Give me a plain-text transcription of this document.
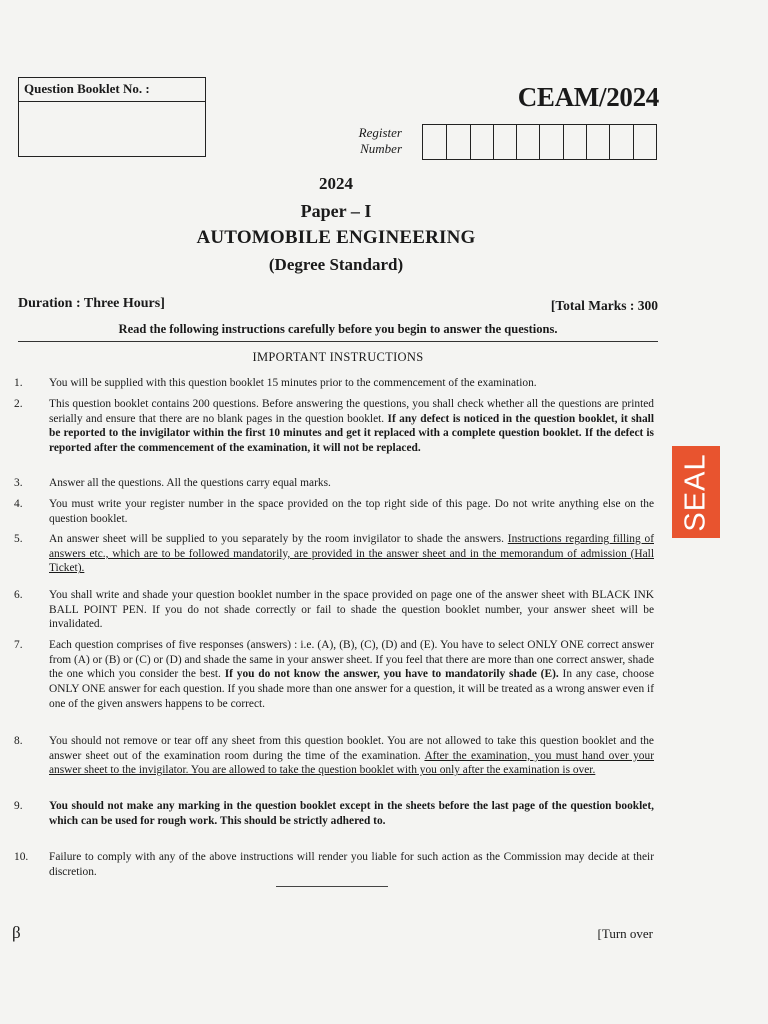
Question Booklet No. :	CEAM/2024
Register
Number
2024
Paper – I
AUTOMOBILE ENGINEERING
(Degree Standard)
Duration : Three Hours]	[Total Marks : 300
Read the following instructions carefully before you begin to answer the questions.
IMPORTANT INSTRUCTIONS
1.	You will be supplied with this question booklet 15 minutes prior to the commencement of the examination.
2.	This question booklet contains 200 questions. Before answering the questions, you shall check whether all the questions are printed serially and ensure that there are no blank pages in the question booklet. If any defect is noticed in the question booklet, it shall be reported to the invigilator within the first 10 minutes and get it replaced with a complete question booklet. If the defect is reported after the commencement of the examination, it will not be replaced.
3.	Answer all the questions. All the questions carry equal marks.
4.	You must write your register number in the space provided on the top right side of this page. Do not write anything else on the question booklet.
5.	An answer sheet will be supplied to you separately by the room invigilator to shade the answers. Instructions regarding filling of answers etc., which are to be followed mandatorily, are provided in the answer sheet and in the memorandum of admission (Hall Ticket).
6.	You shall write and shade your question booklet number in the space provided on page one of the answer sheet with BLACK INK BALL POINT PEN. If you do not shade correctly or fail to shade the question booklet number, your answer sheet will be invalidated.
7.	Each question comprises of five responses (answers) : i.e. (A), (B), (C), (D) and (E). You have to select ONLY ONE correct answer from (A) or (B) or (C) or (D) and shade the same in your answer sheet. If you feel that there are more than one correct answer, shade the one which you consider the best. If you do not know the answer, you have to mandatorily shade (E). In any case, choose ONLY ONE answer for each question. If you shade more than one answer for a question, it will be treated as a wrong answer even if one of the given answers happens to be correct.
8.	You should not remove or tear off any sheet from this question booklet. You are not allowed to take this question booklet and the answer sheet out of the examination room during the time of the examination. After the examination, you must hand over your answer sheet to the invigilator. You are allowed to take the question booklet with you only after the examination is over.
9.	You should not make any marking in the question booklet except in the sheets before the last page of the question booklet, which can be used for rough work. This should be strictly adhered to.
10.	Failure to comply with any of the above instructions will render you liable for such action as the Commission may decide at their discretion.
β	[Turn over
SEAL
